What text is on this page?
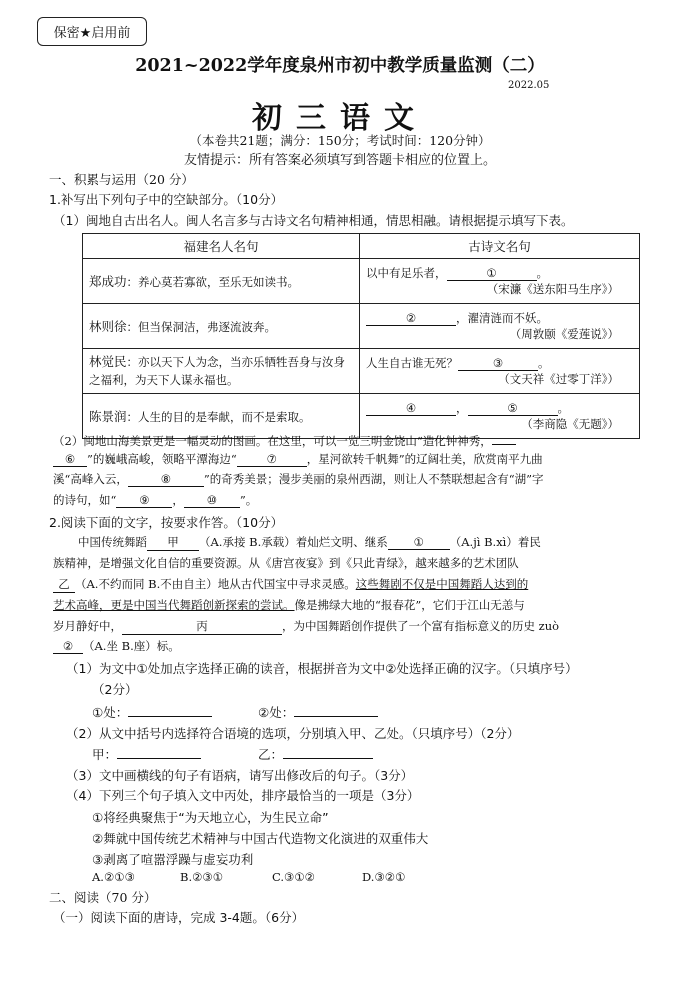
保密★启用前
2021~2022学年度泉州市初中教学质量监测（二）
2022.05
初三语文
（本卷共21题；满分：150分；考试时间：120分钟）
友情提示：所有答案必须填写到答题卡相应的位置上。
一、积累与运用（20 分）
1.补写出下列句子中的空缺部分。（10分）
（1）闽地自古出名人。闽人名言多与古诗文名句精神相通，情思相融。请根据提示填写下表。
福建名人名句	古诗文名句
郑成功：养心莫若寡欲，至乐无如读书。	以中有足乐者， ① 。
（宋濂《送东阳马生序》）

林则徐：但当保洞洁，弗逐流波奔。	② ，濯清涟而不妖。
（周敦颐《爱莲说》）

林觉民：亦以天下人为念，当亦乐牺牲吾身与汝身之福利，为天下人谋永福也。	人生自古谁无死？ ③ 。
（文天祥《过零丁洋》）

陈景润：人生的目的是奉献，而不是索取。	④ ， ⑤ 。
（李商隐《无题》）
（2）闽地山海美景更是一幅灵动的图画。在这里，可以一览三明金饶山“造化钟神秀，
⑥ ”的巍峨高峻，领略平潭海边“	⑦	，星河欲转千帆舞”的辽阔壮美，欣赏南平九曲
溪“高峰入云，	⑧	”的奇秀美景；漫步美丽的泉州西湖，则让人不禁联想起含有“湖”字
的诗句，如“ ⑨ ， ⑩ ”。
2.阅读下面的文字，按要求作答。（10分）
中国传统舞蹈 甲 （A.承接 B.承载）着灿烂文明、继系 ① （A.jì B.xì）着民
族精神，是增强文化自信的重要资源。从《唐宫夜宴》到《只此青绿》，越来越多的艺术团队
乙 （A.不约而同 B.不由自主）地从古代国宝中寻求灵感。这些舞剧不仅是中国舞蹈人达到的
艺术高峰，更是中国当代舞蹈创新探索的尝试。像是拂绿大地的“报春花”，它们于江山无恙与
岁月静好中，	丙	，为中国舞蹈创作提供了一个富有指标意义的历史 zuò
② （A.坐 B.座）标。
（1）为文中①处加点字选择正确的读音，根据拼音为文中②处选择正确的汉字。（只填序号）
（2分）
①处：	②处：
（2）从文中括号内选择符合语境的选项，分别填入甲、乙处。（只填序号）（2分）
甲：	乙：
（3）文中画横线的句子有语病，请写出修改后的句子。（3分）
（4）下列三个句子填入文中丙处，排序最恰当的一项是（3分）
①将经典聚焦于“为天地立心，为生民立命”
②舞就中国传统艺术精神与中国古代造物文化演进的双重伟大
③剥离了喧嚣浮躁与虚妄功利
A.②①③	B.②③①	C.③①②	D.③②①
二、阅读（70 分）
（一）阅读下面的唐诗，完成 3-4题。（6分）
